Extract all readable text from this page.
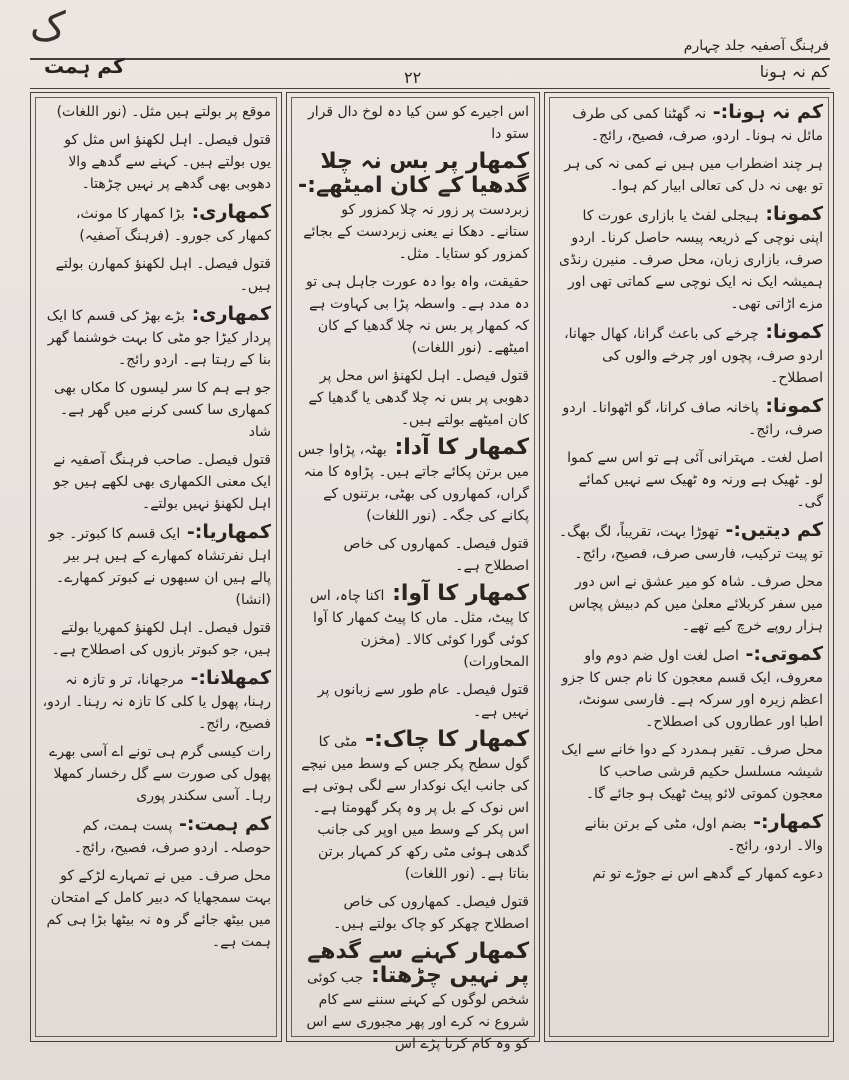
ک	فرہنگ آصفیہ جلد چہارم
کم ہمت	کم نہ ہونا
۲۲
کم نہ ہونا:- نہ گھٹنا کمی کی طرف مائل نہ ہونا۔ اردو، صرف، فصیح، رائج۔
ہر چند اضطراب میں ہیں نے کمی نہ کی ہر تو بھی نہ دل کی تعالی ابیار کم ہوا۔
کمونا: ہیجلی لفٹ یا بازاری عورت کا اپنی نوچی کے ذریعہ پیسہ حاصل کرنا۔ اردو صرف، بازاری زبان، محل صرف۔ منیرن رنڈی ہمیشہ ایک نہ ایک نوچی سے کماتی تھی اور مزے اڑاتی تھی۔
کمونا: چرخے کی باعث گرانا، کھال جھانا، اردو صرف، پچوں اور چرخے والوں کی اصطلاح۔
کمونا: پاخانہ صاف کرانا، گو اٹھوانا۔ اردو صرف، رائج۔
اصل لغت۔ مہترانی آئی ہے تو اس سے کموا لو۔ ٹھیک ہے ورنہ وہ ٹھیک سے نہیں کمائے گی۔
کم دیتیں:- تھوڑا بہت، تقریباً، لگ بھگ۔ تو پیت ترکیب، فارسی صرف، فصیح، رائج۔
محل صرف۔ شاہ کو میر عشق نے اس دور میں سفر کربلائے معلیٰ میں کم دبیش پچاس ہزار روپے خرچ کیے تھے۔
کموتی:- اصل لغت اول ضم دوم واو معروف، ایک قسم معجون کا نام جس کا جزو اعظم زیرہ اور سرکہ ہے۔ فارسی سونٹ، اطبا اور عطاروں کی اصطلاح۔
محل صرف۔ تقیر ہمدرد کے دوا خانے سے ایک شیشہ مسلسل حکیم قرشی صاحب کا معجون کموتی لائو پیٹ ٹھیک ہو جائے گا۔
کمھار:- بضم اول، مٹی کے برتن بنانے والا۔ اردو، رائج۔
دعوے کمھار کے گدھے اس نے جوڑے تو تم
اس اجیرے کو سن کیا دہ لوخ دال قرار ستو دا
کمھار پر بس نہ چلا گدھیا کے کان امیٹھے:- زبردست پر زور نہ چلا کمزور کو ستانے۔ دھکا نے یعنی زبردست کے بجائے کمزور کو ستایا۔ مثل۔
حقیقت، واہ بوا دہ عورت جاہل ہی تو دہ مدد ہے۔ واسطہ پڑا بی کہاوت ہے کہ کمھار پر بس نہ چلا گدھیا کے کان امیٹھے۔ (نور اللغات)
قتول فیصل۔ اہل لکھنؤ اس محل پر دھوبی پر بس نہ چلا گدھی یا گدھیا کے کان امیٹھے بولتے ہیں۔
کمھار کا آدا: بھٹہ، پڑاوا جس میں برتن پکائے جاتے ہیں۔ پڑاوہ کا منہ گراں، کمھاروں کی بھٹی، برتنوں کے پکانے کی جگہ۔ (نور اللغات)
قتول فیصل۔ کمھاروں کی خاص اصطلاح ہے۔
کمھار کا آوا: اکنا چاہ، اس کا پیٹ، مثل۔ ماں کا پیٹ کمھار کا آوا کوئی گورا کوئی کالا۔ (مخزن المحاورات)
قتول فیصل۔ عام طور سے زبانوں پر نہیں ہے۔
کمھار کا چاک:- مٹی کا گول سطح پکر جس کے وسط میں نیچے کی جانب ایک نوکدار سے لگی ہوتی ہے اس نوک کے بل پر وہ پکر گھومتا ہے۔ اس پکر کے وسط میں اوپر کی جانب گدھی ہوئی مٹی رکھ کر کمہار برتن بناتا ہے۔ (نور اللغات)
قتول فیصل۔ کمھاروں کی خاص اصطلاح چھکر کو چاک بولتے ہیں۔
کمھار کہنے سے گدھے پر نہیں چڑھتا: جب کوئی شخص لوگوں کے کہنے سننے سے کام شروع نہ کرے اور پھر مجبوری سے اس کو وہ کام کرنا پڑے اس
موقع پر بولتے ہیں مثل۔ (نور اللغات)
قتول فیصل۔ اہل لکھنؤ اس مثل کو یوں بولتے ہیں۔ کہنے سے گدھے والا دھوبی بھی گدھے پر نہیں چڑھتا۔
کمھاری: بڑا کمھار کا مونث، کمھار کی جورو۔ (فرہنگ آصفیہ)
قتول فیصل۔ اہل لکھنؤ کمھارن بولتے ہیں۔
کمھاری: بڑے بھڑ کی قسم کا ایک پردار کیڑا جو مٹی کا بہت خوشنما گھر بنا کے رہتا ہے۔ اردو رائج۔
جو ہے ہم کا سر لیسوں کا مکاں بھی کمھاری سا کسی کرنے میں گھر ہے۔ شاد
قتول فیصل۔ صاحب فرہنگ آصفیہ نے ایک معنی الکمھاری بھی لکھے ہیں جو اہل لکھنؤ نہیں بولتے۔
کمھاریا:- ایک قسم کا کبوتر۔ جو اہل نفرتشاہ کمھارے کے ہیں ہر بیر پالے ہیں ان سبھوں نے کبوتر کمھارے۔ (انشا)
قتول فیصل۔ اہل لکھنؤ کمھریا بولتے ہیں، جو کبوتر بازوں کی اصطلاح ہے۔
کمھلانا:- مرجھانا، تر و تازہ نہ رہنا، پھول یا کلی کا تازہ نہ رہنا۔ اردو، فصیح، رائج۔
رات کیسی گرم ہی تونے اے آسی بھرے پھول کی صورت سے گل رخسار کمھلا رہا۔ آسی سکندر پوری
کم ہمت:- پست ہمت، کم حوصلہ۔ اردو صرف، فصیح، رائج۔
محل صرف۔ میں نے تمہارے لڑکے کو بہت سمجھایا کہ دبیر کامل کے امتحان میں بیٹھ جائے گر وہ نہ بیٹھا بڑا ہی کم ہمت ہے۔
